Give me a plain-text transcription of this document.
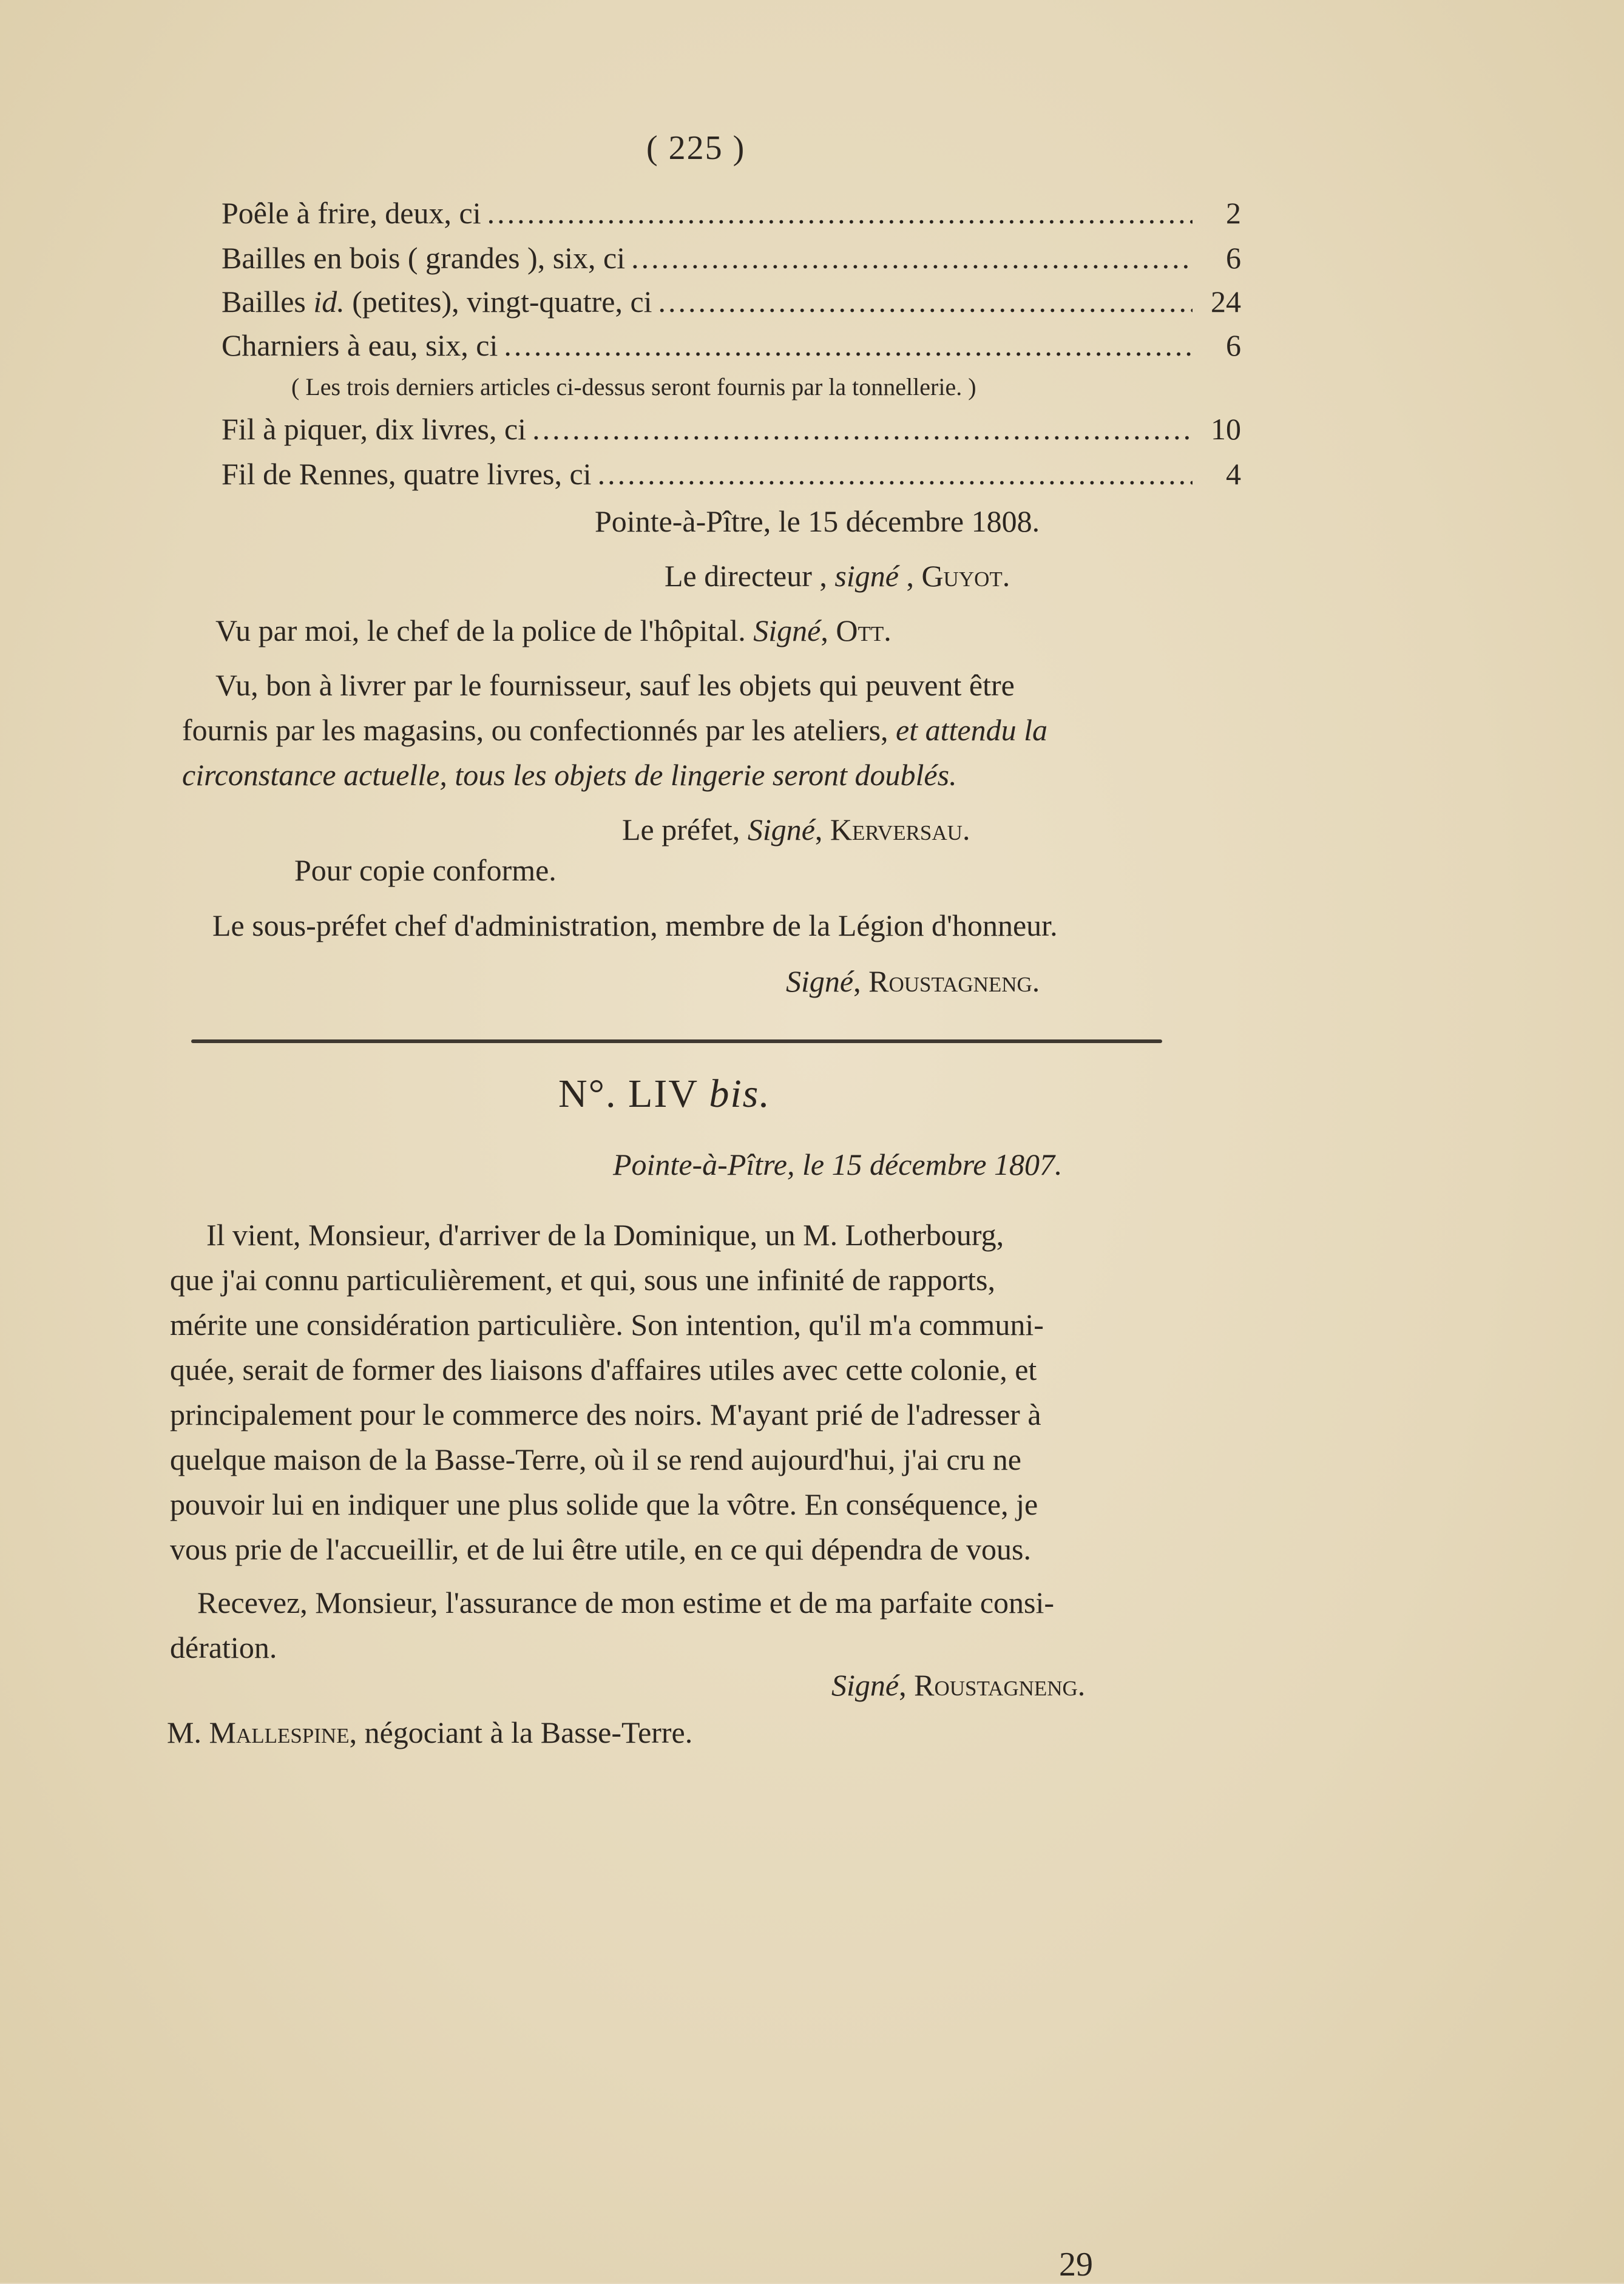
( 225 )
Poêle à frire, deux, ci .....	2
Bailles en bois ( grandes ), six, ci .....	6
Bailles id. (petites), vingt-quatre, ci .....	24
Charniers à eau, six, ci .....	6
( Les trois derniers articles ci-dessus seront fournis par la tonnellerie. )
Fil à piquer, dix livres, ci .....	10
Fil de Rennes, quatre livres, ci .....	4
Pointe-à-Pître, le 15 décembre 1808.
Le directeur , signé , Guyot.
Vu par moi, le chef de la police de l'hôpital. Signé, Ott.
Vu, bon à livrer par le fournisseur, sauf les objets qui peuvent être
fournis par les magasins, ou confectionnés par les ateliers, et attendu la
circonstance actuelle, tous les objets de lingerie seront doublés.
Le préfet, Signé, Kerversau.
Pour copie conforme.
Le sous-préfet chef d'administration, membre de la Légion d'honneur.
Signé, Roustagneng.
N°. LIV bis.
Pointe-à-Pître, le 15 décembre 1807.
Il vient, Monsieur, d'arriver de la Dominique, un M. Lotherbourg,
que j'ai connu particulièrement, et qui, sous une infinité de rapports,
mérite une considération particulière. Son intention, qu'il m'a communi-
quée, serait de former des liaisons d'affaires utiles avec cette colonie, et
principalement pour le commerce des noirs. M'ayant prié de l'adresser à
quelque maison de la Basse-Terre, où il se rend aujourd'hui, j'ai cru ne
pouvoir lui en indiquer une plus solide que la vôtre. En conséquence, je
vous prie de l'accueillir, et de lui être utile, en ce qui dépendra de vous.
Recevez, Monsieur, l'assurance de mon estime et de ma parfaite consi-
dération.
Signé, Roustagneng.
M. Mallespine, négociant à la Basse-Terre.
29
